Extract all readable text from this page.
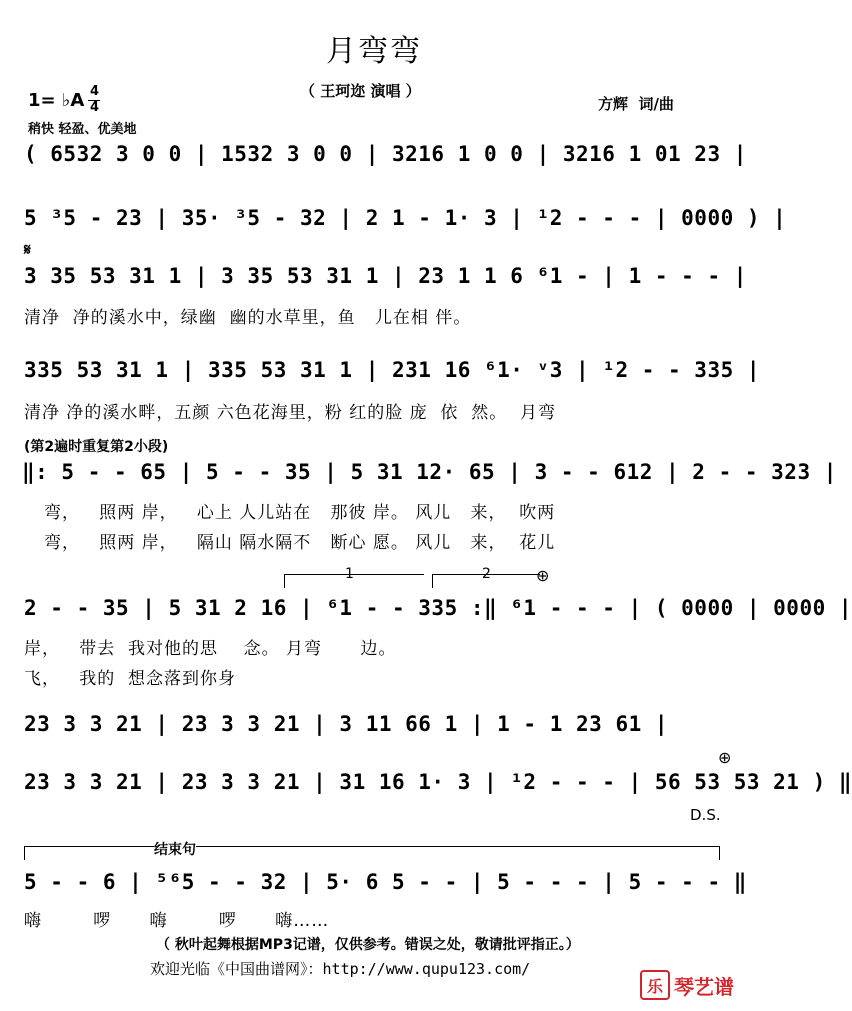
月弯弯
（ 王珂迩 演唱 ）
1= ♭A 4
4	方辉  词/曲
稍快 轻盈、优美地
( 6532 3 0 0 | 1532 3 0 0 | 3216 1 0 0 | 3216 1 01 23 |
5 ³5 - 23 | 35· ³5 - 32 | 2 1 - 1· 3 | ¹2 - - - | 0000 ) |
𝄋
3 35 53 31 1 | 3 35 53 31 1 | 23 1 1 6 ⁶1 - | 1 - - - |
清净  净的溪水中，绿幽  幽的水草里，鱼   儿在相 伴。
335 53 31 1 | 335 53 31 1 | 231 16 ⁶1· ᵛ3 | ¹2 - - 335 |
清净 净的溪水畔，五颜 六色花海里，粉 红的脸 庞  依  然。  月弯
(第2遍时重复第2小段)
‖: 5 - - 65 | 5 - - 35 | 5 31 12· 65 | 3 - - 612 | 2 - - 323 |
弯，   照两 岸，   心上 人儿站在   那彼 岸。 风儿   来，  吹两
弯，   照两 岸，   隔山 隔水隔不   断心 愿。 风儿   来，  花儿
1	2	⊕
2 - - 35 | 5 31 2 16 | ⁶1 - - 335 :‖ ⁶1 - - - | ( 0000 | 0000 |
岸，   带去  我对他的思    念。 月弯      边。
飞，   我的  想念落到你身
23 3 3 21 | 23 3 3 21 | 3 11 66 1 | 1 - 1 23 61 |
⊕
23 3 3 21 | 23 3 3 21 | 31 16 1· 3 | ¹2 - - - | 56 53 53 21 ) ‖
D.S.
结束句
5 - - 6 | ⁵⁶5 - - 32 | 5· 6 5 - - | 5 - - - | 5 - - - ‖
嗨        啰      嗨        啰      嗨……
（ 秋叶起舞根据MP3记谱，仅供参考。错误之处，敬请批评指正。）
欢迎光临《中国曲谱网》：http://www.qupu123.com/
乐 琴艺谱
